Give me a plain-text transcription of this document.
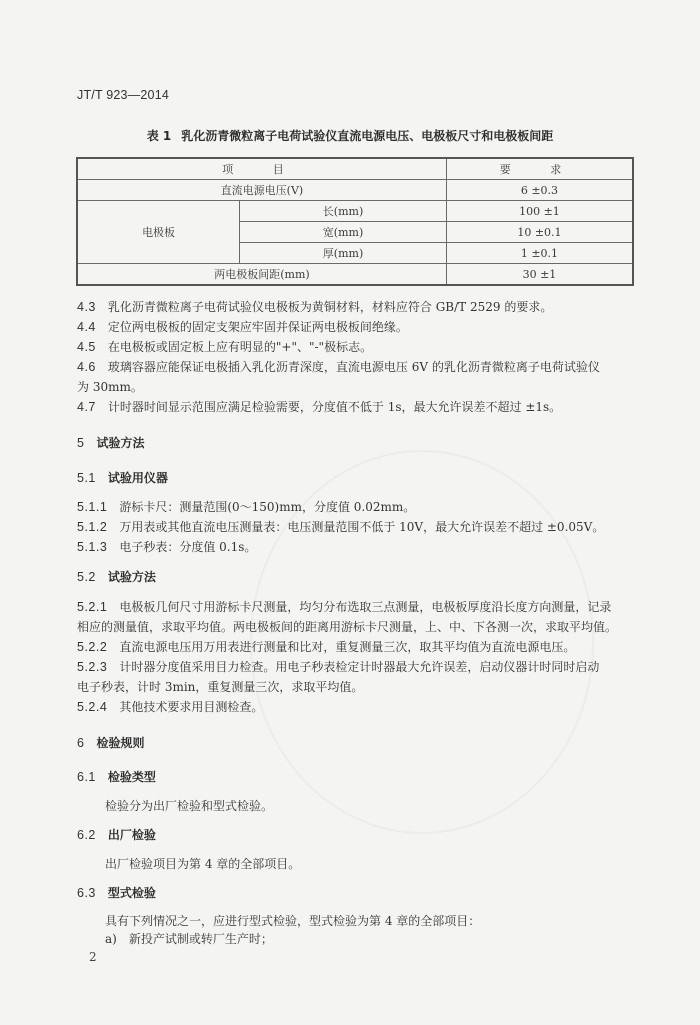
JT/T 923—2014
表 1 乳化沥青微粒离子电荷试验仪直流电源电压、电极板尺寸和电极板间距
项 目		要 求
直流电源电压(V)		6 ±0.3
电极板	长(mm)	100 ±1
	宽(mm)	10 ±0.1
	厚(mm)	1 ±0.1
两电极板间距(mm)		30 ±1
4.3 乳化沥青微粒离子电荷试验仪电极板为黄铜材料，材料应符合 GB/T 2529 的要求。
4.4 定位两电极板的固定支架应牢固并保证两电极板间绝缘。
4.5 在电极板或固定板上应有明显的"+"、"-"极标志。
4.6 玻璃容器应能保证电极插入乳化沥青深度，直流电源电压 6V 的乳化沥青微粒离子电荷试验仪
为 30mm。
4.7 计时器时间显示范围应满足检验需要，分度值不低于 1s，最大允许误差不超过 ±1s。
5 试验方法
5.1 试验用仪器
5.1.1 游标卡尺：测量范围(0～150)mm，分度值 0.02mm。
5.1.2 万用表或其他直流电压测量表：电压测量范围不低于 10V，最大允许误差不超过 ±0.05V。
5.1.3 电子秒表：分度值 0.1s。
5.2 试验方法
5.2.1 电极板几何尺寸用游标卡尺测量，均匀分布选取三点测量，电极板厚度沿长度方向测量，记录
相应的测量值，求取平均值。两电极板间的距离用游标卡尺测量，上、中、下各测一次，求取平均值。
5.2.2 直流电源电压用万用表进行测量和比对，重复测量三次，取其平均值为直流电源电压。
5.2.3 计时器分度值采用目力检查。用电子秒表检定计时器最大允许误差，启动仪器计时同时启动
电子秒表，计时 3min，重复测量三次，求取平均值。
5.2.4 其他技术要求用目测检查。
6 检验规则
6.1 检验类型
检验分为出厂检验和型式检验。
6.2 出厂检验
出厂检验项目为第 4 章的全部项目。
6.3 型式检验
具有下列情况之一，应进行型式检验，型式检验为第 4 章的全部项目：
a) 新投产试制或转厂生产时；
2
